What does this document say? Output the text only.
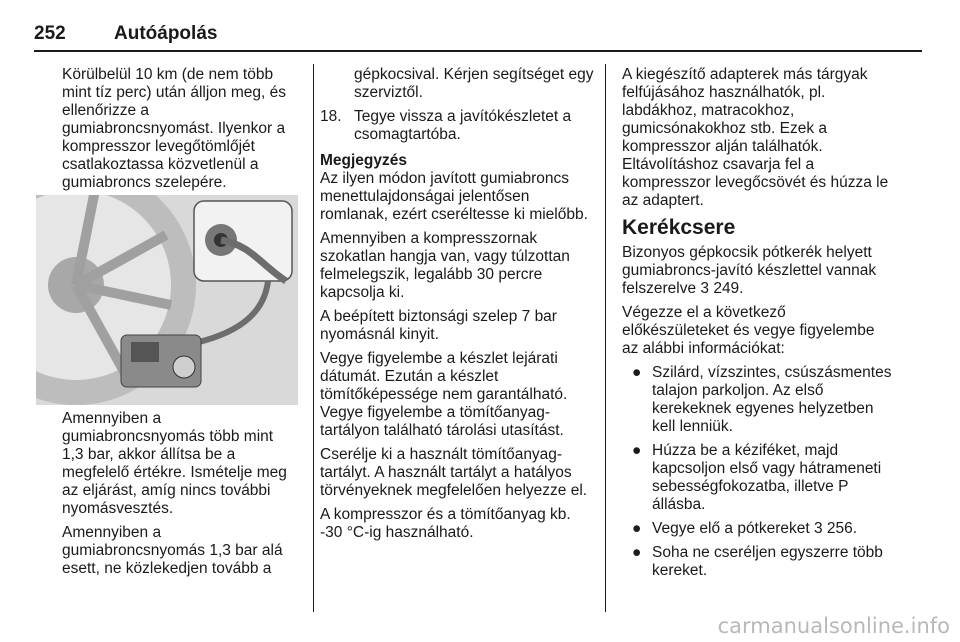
252	Autóápolás

Körülbelül 10 km (de nem több mint tíz perc) után álljon meg, és ellenőrizze a gumiabroncsnyomást. Ilyenkor a kompresszor levegőtömlőjét csatlakoztassa közvetlenül a gumiabroncs szelepére.

Amennyiben a gumiabroncsnyomás több mint 1,3 bar, akkor állítsa be a megfelelő értékre. Ismételje meg az eljárást, amíg nincs további nyomásvesztés.

Amennyiben a gumiabroncsnyomás 1,3 bar alá esett, ne közlekedjen tovább a

gépkocsival. Kérjen segítséget egy szerviztől.

18. Tegye vissza a javítókészletet a csomagtartóba.
Megjegyzés

Az ilyen módon javított gumiabroncs menettulajdonságai jelentősen romlanak, ezért cseréltesse ki mielőbb.

Amennyiben a kompresszornak szokatlan hangja van, vagy túlzottan felmelegszik, legalább 30 percre kapcsolja ki.

A beépített biztonsági szelep 7 bar nyomásnál kinyit.

Vegye figyelembe a készlet lejárati dátumát. Ezután a készlet tömítőképessége nem garantálható. Vegye figyelembe a tömítőanyag-tartályon található tárolási utasítást.

Cserélje ki a használt tömítőanyag-tartályt. A használt tartályt a hatályos törvényeknek megfelelően helyezze el.

A kompresszor és a tömítőanyag kb. -30 °C-ig használható.

A kiegészítő adapterek más tárgyak felfújásához használhatók, pl. labdákhoz, matracokhoz, gumicsónakokhoz stb. Ezek a kompresszor alján találhatók. Eltávolításhoz csavarja fel a kompresszor levegőcsövét és húzza le az adaptert.

Kerékcsere

Bizonyos gépkocsik pótkerék helyett gumiabroncs-javító készlettel vannak felszerelve 3 249.

Végezze el a következő előkészületeket és vegye figyelembe az alábbi információkat:

● Szilárd, vízszintes, csúszásmentes talajon parkoljon. Az első kerekeknek egyenes helyzetben kell lenniük.
● Húzza be a kéziféket, majd kapcsoljon első vagy hátrameneti sebességfokozatba, illetve P állásba.
● Vegye elő a pótkereket 3 256.
● Soha ne cseréljen egyszerre több kereket.
carmanualsonline.info
